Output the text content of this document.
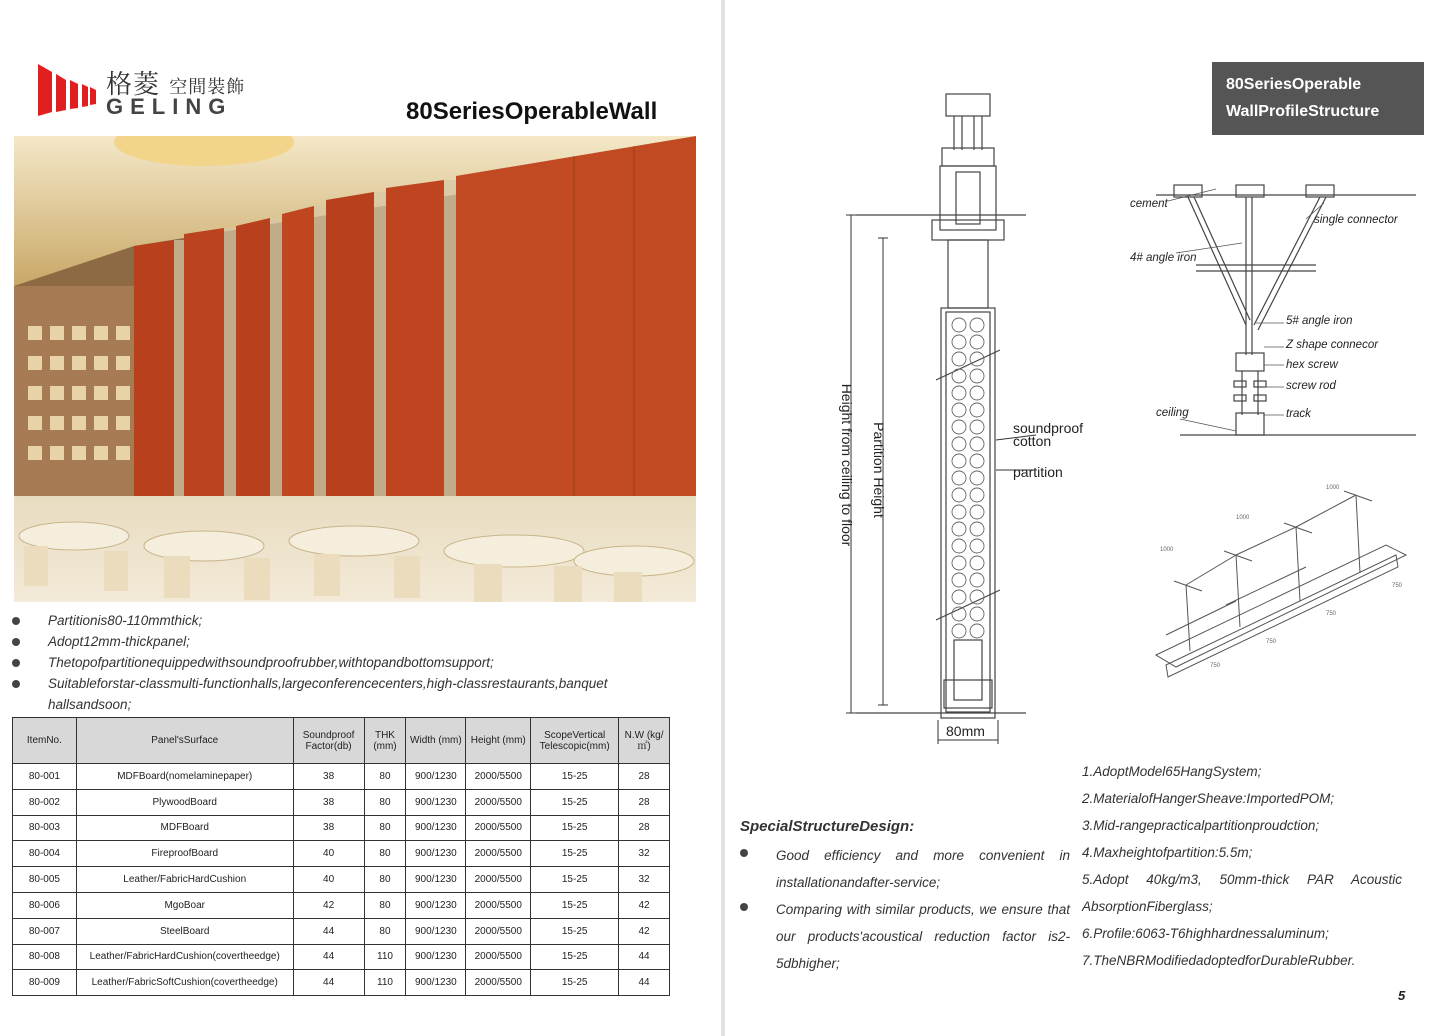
格菱 空間裝飾
GELING	80SeriesOperableWall
Partitionis80-110mmthick;
Adopt12mm-thickpanel;
Thetopofpartitionequippedwithsoundproofrubber,withtopandbottomsupport;
Suitableforstar-classmulti-functionhalls,largeconferencecenters,high-classrestaurants,banquet hallsandsoon;
ItemNo.	Panel'sSurface	Soundproof Factor(db)	THK (mm)	Width (mm)	Height (mm)	ScopeVertical Telescopic(mm)	N.W (kg/㎡)
80-001	MDFBoard(nomelaminepaper)	38	80	900/1230	2000/5500	15-25	28
80-002	PlywoodBoard	38	80	900/1230	2000/5500	15-25	28
80-003	MDFBoard	38	80	900/1230	2000/5500	15-25	28
80-004	FireproofBoard	40	80	900/1230	2000/5500	15-25	32
80-005	Leather/FabricHardCushion	40	80	900/1230	2000/5500	15-25	32
80-006	MgoBoar	42	80	900/1230	2000/5500	15-25	42
80-007	SteelBoard	44	80	900/1230	2000/5500	15-25	42
80-008	Leather/FabricHardCushion(covertheedge)	44	110	900/1230	2000/5500	15-25	44
80-009	Leather/FabricSoftCushion(covertheedge)	44	110	900/1230	2000/5500	15-25	44
80SeriesOperable
WallProfileStructure
Height from ceiling to floor Partition Height	soundproof
cotton
partition
80mm
cement
single connector
4# angle iron
5# angle iron
Z shape connecor
hex screw
screw rod
ceiling	track
1000
1000
1000
750
750
750
750
SpecialStructureDesign:
Good efficiency and more convenient in installationandafter-service;
Comparing with similar products, we ensure that our products'acoustical reduction factor is2-5dbhigher;

1.AdoptModel65HangSystem;

2.MaterialofHangerSheave:ImportedPOM;

3.Mid-rangepracticalpartitionproudction;

4.Maxheightofpartition:5.5m;

5.Adopt 40kg/m3, 50mm-thick PAR Acoustic AbsorptionFiberglass;

6.Profile:6063-T6highhardnessaluminum;

7.TheNBRModifiedadoptedforDurableRubber.

5
